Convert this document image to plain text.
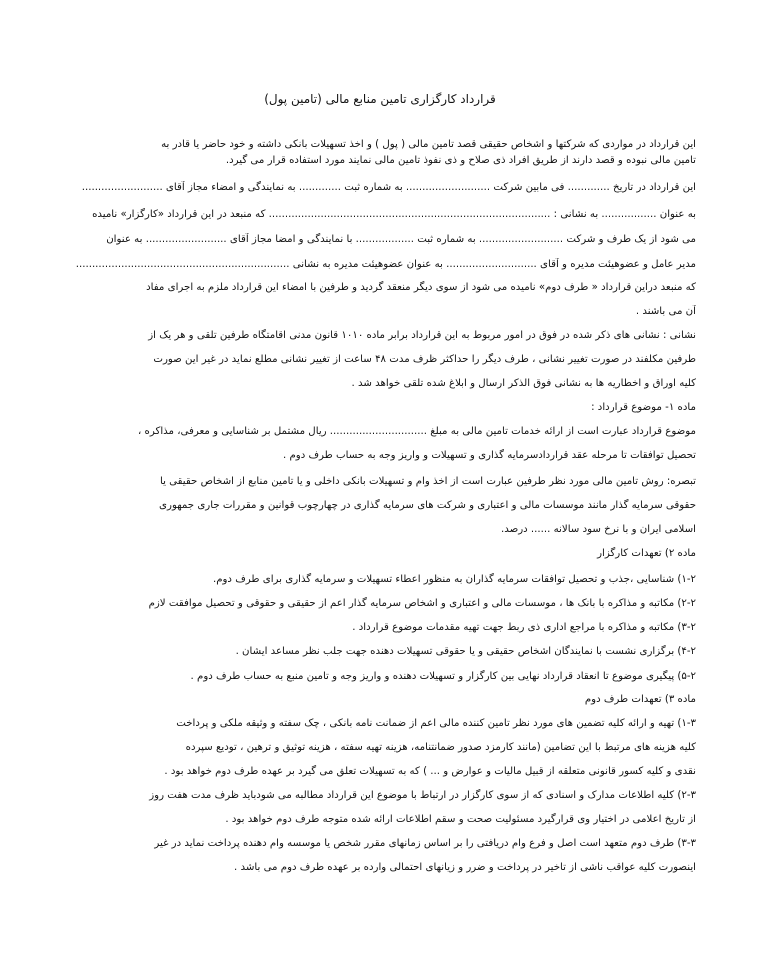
قرارداد کارگزاری تامین منابع مالی (تامین پول)
این قرارداد در مواردی که شرکتها و اشخاص حقیقی قصد تامین مالی ( پول ) و اخذ تسهیلات بانکی داشته و خود حاضر یا قادر به
تامین مالی نبوده و قصد دارند از طریق افراد ذی صلاح و ذی نفوذ تامین مالی نمایند مورد استفاده قرار می گیرد.
این قرارداد در تاریخ ............. فی مابین شرکت .......................... به شماره ثبت ............. به نمایندگی و امضاء مجاز آقای .........................
به عنوان ................. به نشانی : ....................................................................................... که منبعد در این قرارداد «کارگزار» نامیده
می شود از یک طرف و شرکت .......................... به شماره ثبت .................. با نمایندگی و امضا مجاز آقای ......................... به عنوان
مدیر عامل و عضوهیئت مدیره و آقای ............................ به عنوان عضوهیئت مدیره به نشانی ..................................................................
که منبعد دراین قرارداد « طرف دوم» نامیده می شود از سوی دیگر منعقد گردید و طرفین با امضاء این قرارداد ملزم به اجرای مفاد
آن می باشند .
نشانی : نشانی های ذکر شده در فوق در امور مربوط به این قرارداد برابر ماده ۱۰۱۰ قانون مدنی اقامتگاه طرفین تلقی و هر یک از
طرفین مکلفند در صورت تغییر نشانی ، طرف دیگر را حداکثر ظرف مدت ۴۸ ساعت از تغییر نشانی مطلع نماید در غیر این صورت
کلیه اوراق و اخطاریه ها به نشانی فوق الذکر ارسال و ابلاغ شده تلقی خواهد شد .
ماده ۱- موضوع قرارداد :
موضوع قرارداد عبارت است از ارائه خدمات تامین مالی به مبلغ .............................. ریال مشتمل بر شناسایی و معرفی، مذاکره ،
تحصیل توافقات تا مرحله عقد قراردادسرمایه گذاری و تسهیلات و واریز وجه به حساب طرف دوم .
تبصره: روش تامین مالی مورد نظر طرفین عبارت است از اخذ وام و تسهیلات بانکی داخلی و یا تامین منابع از اشخاص حقیقی یا
حقوقی سرمایه گذار مانند موسسات مالی و اعتباری و شرکت های سرمایه گذاری در چهارچوب قوانین و مقررات جاری جمهوری
اسلامی ایران و با نرخ سود سالانه ...... درصد.
ماده ۲) تعهدات کارگزار
۱-۲) شناسایی ،جذب و تحصیل توافقات سرمایه گذاران به منظور اعطاء تسهیلات و سرمایه گذاری برای طرف دوم.
۲-۲) مکاتبه و مذاکره با بانک ها ، موسسات مالی و اعتباری و اشخاص سرمایه گذار اعم از حقیقی و حقوقی و تحصیل موافقت لازم
۳-۲) مکاتبه و مذاکره با مراجع اداری ذی ربط جهت تهیه مقدمات موضوع قرارداد .
۴-۲) برگزاری نشست با نمایندگان اشخاص حقیقی و یا حقوقی تسهیلات دهنده جهت جلب نظر مساعد ایشان .
۵-۲) پیگیری موضوع تا انعقاد قرارداد نهایی بین کارگزار و تسهیلات دهنده و واریز وجه و تامین منبع به حساب طرف دوم .
ماده ۳) تعهدات طرف دوم
۱-۳) تهیه و ارائه کلیه تضمین های مورد نظر تامین کننده مالی اعم از ضمانت نامه بانکی ، چک سفته و وثیقه ملکی و پرداخت
کلیه هزینه های مرتبط با این تضامین (مانند کارمزد صدور ضمانتنامه، هزینه تهیه سفته ، هزینه توثیق و ترهین ، تودیع سپرده
نقدی و کلیه کسور قانونی متعلقه از قبیل مالیات و عوارض و ... ) که به تسهیلات تعلق می گیرد بر عهده طرف دوم خواهد بود .
۲-۳) کلیه اطلاعات مدارک و اسنادی که از سوی کارگزار در ارتباط با موضوع این قرارداد مطالبه می شودباید ظرف مدت هفت روز
از تاریخ اعلامی در اختیار وی قرارگیرد مسئولیت صحت و سقم اطلاعات ارائه شده متوجه طرف دوم خواهد بود .
۳-۳) طرف دوم متعهد است اصل و فرع وام دریافتی را بر اساس زمانهای مقرر شخص یا موسسه وام دهنده پرداخت نماید در غیر
اینصورت کلیه عواقب ناشی از تاخیر در پرداخت و ضرر و زیانهای احتمالی وارده بر عهده طرف دوم می باشد .
